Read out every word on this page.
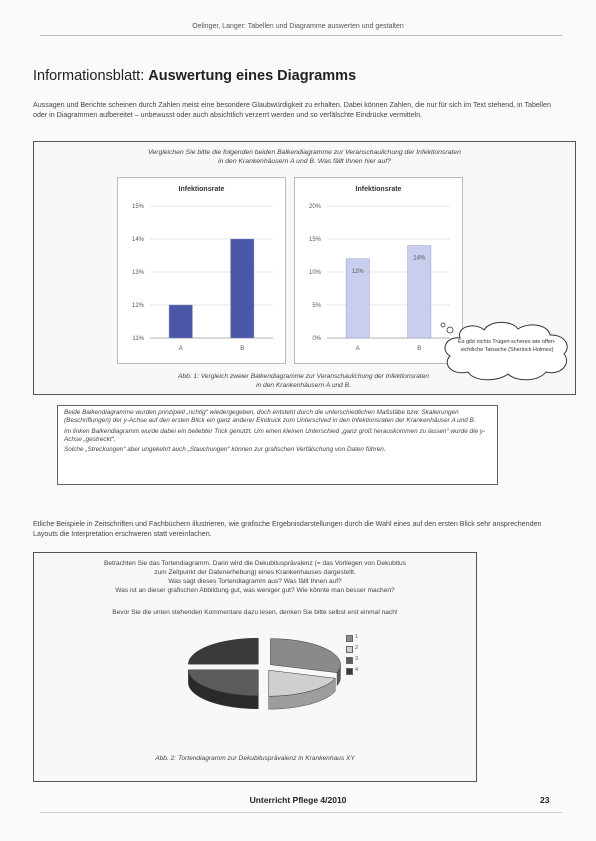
Oelinger, Langer: Tabellen und Diagramme auswerten und gestalten
Informationsblatt: Auswertung eines Diagramms
Aussagen und Berichte scheinen durch Zahlen meist eine besondere Glaubwürdigkeit zu erhalten. Dabei können Zahlen, die nur für sich im Text stehend, in Tabellen oder in Diagrammen aufbereitet – unbewusst oder auch absichtlich verzerrt werden und so verfälschte Eindrücke vermitteln.
Vergleichen Sie bitte die folgenden beiden Balkendiagramme zur Veranschaulichung der Infektionsraten
in den Krankenhäusern A und B. Was fällt Ihnen hier auf?
Infektionsrate
11%
12%
13%
14%
15%
A	B
Infektionsrate
0%
5%
10%
15%
20%
A
12%
B
14%
Es gibt nichts Trügeri-scheres wie offen-sichtliche Tatsache (Sherlock Holmes)
Abb. 1: Vergleich zweier Balkendiagramme zur Veranschaulichung der Infektionsraten
in den Krankenhäusern A und B.

Beide Balkendiagramme wurden prinzipiell „richtig“ wiedergegeben, doch entsteht durch die unterschiedlichen Maßstäbe bzw. Skalierungen (Beschriftungen) der y-Achse auf den ersten Blick ein ganz anderer Eindruck zum Unterschied in den Infektionsraten der Krankenhäuser A und B.

Im linken Balkendiagramm wurde dabei ein beliebter Trick genutzt. Um einen kleinen Unterschied „ganz groß herauskommen zu lassen“ wurde die y-Achse „gestreckt“.

Solche „Streckungen“ aber ungekehrt auch „Stauchungen“ können zur grafischen Verfälschung von Daten führen.

Etliche Beispiele in Zeitschriften und Fachbüchern illustrieren, wie grafische Ergebnisdarstellungen durch die Wahl eines auf den ersten Blick sehr ansprechenden Layouts die Interpretation erschweren statt vereinfachen.
Betrachten Sie das Tortendiagramm. Darin wird die Dekubitusprävalenz (= das Vorliegen von Dekubitus
zum Zeitpunkt der Datenerhebung) eines Krankenhauses dargestellt.
Was sagt dieses Tortendiagramm aus? Was fällt Ihnen auf?
Was ist an dieser grafischen Abbildung gut, was weniger gut? Wie könnte man besser machen?
Bevor Sie die unten stehenden Kommentare dazu lesen, denken Sie bitte selbst erst einmal nach!
1
2
3
4
Abb. 2: Tortendiagramm zur Dekubitusprävalenz in Krankenhaus XY
Unterricht Pflege 4/2010	23
